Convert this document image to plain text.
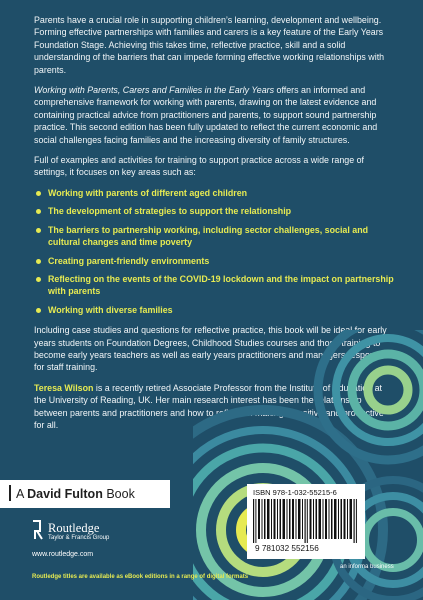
Parents have a crucial role in supporting children’s learning, development and wellbeing. Forming effective partnerships with families and carers is a key feature of the Early Years Foundation Stage. Achieving this takes time, reflective practice, skill and a solid understanding of the barriers that can impede forming effective working relationships with parents.

Working with Parents, Carers and Families in the Early Years offers an informed and comprehensive framework for working with parents, drawing on the latest evidence and containing practical advice from practitioners and parents, to support sound partnership practice. This second edition has been fully updated to reflect the current economic and social challenges facing families and the increasing diversity of family structures.

Full of examples and activities for training to support practice across a wide range of settings, it focuses on key areas such as:

Working with parents of different aged children
The development of strategies to support the relationship
The barriers to partnership working, including sector challenges, social and cultural changes and time poverty
Creating parent-friendly environments
Reflecting on the events of the COVID-19 lockdown and the impact on partnership with parents
Working with diverse families

Including case studies and questions for reflective practice, this book will be ideal for early years students on Foundation Degrees, Childhood Studies courses and those training to become early years teachers as well as early years practitioners and managers responsible for staff training.

Teresa Wilson is a recently retired Associate Professor from the Institute of Education at the University of Reading, UK. Her main research interest has been the relationship between parents and practitioners and how to reflect on making it positive and productive for all.

A David Fulton Book
Routledge
Taylor & Francis Group
www.routledge.com
Routledge titles are available as eBook editions in a range of digital formats
ISBN 978-1-032-55215-6
9 781032 552156
an informa business
